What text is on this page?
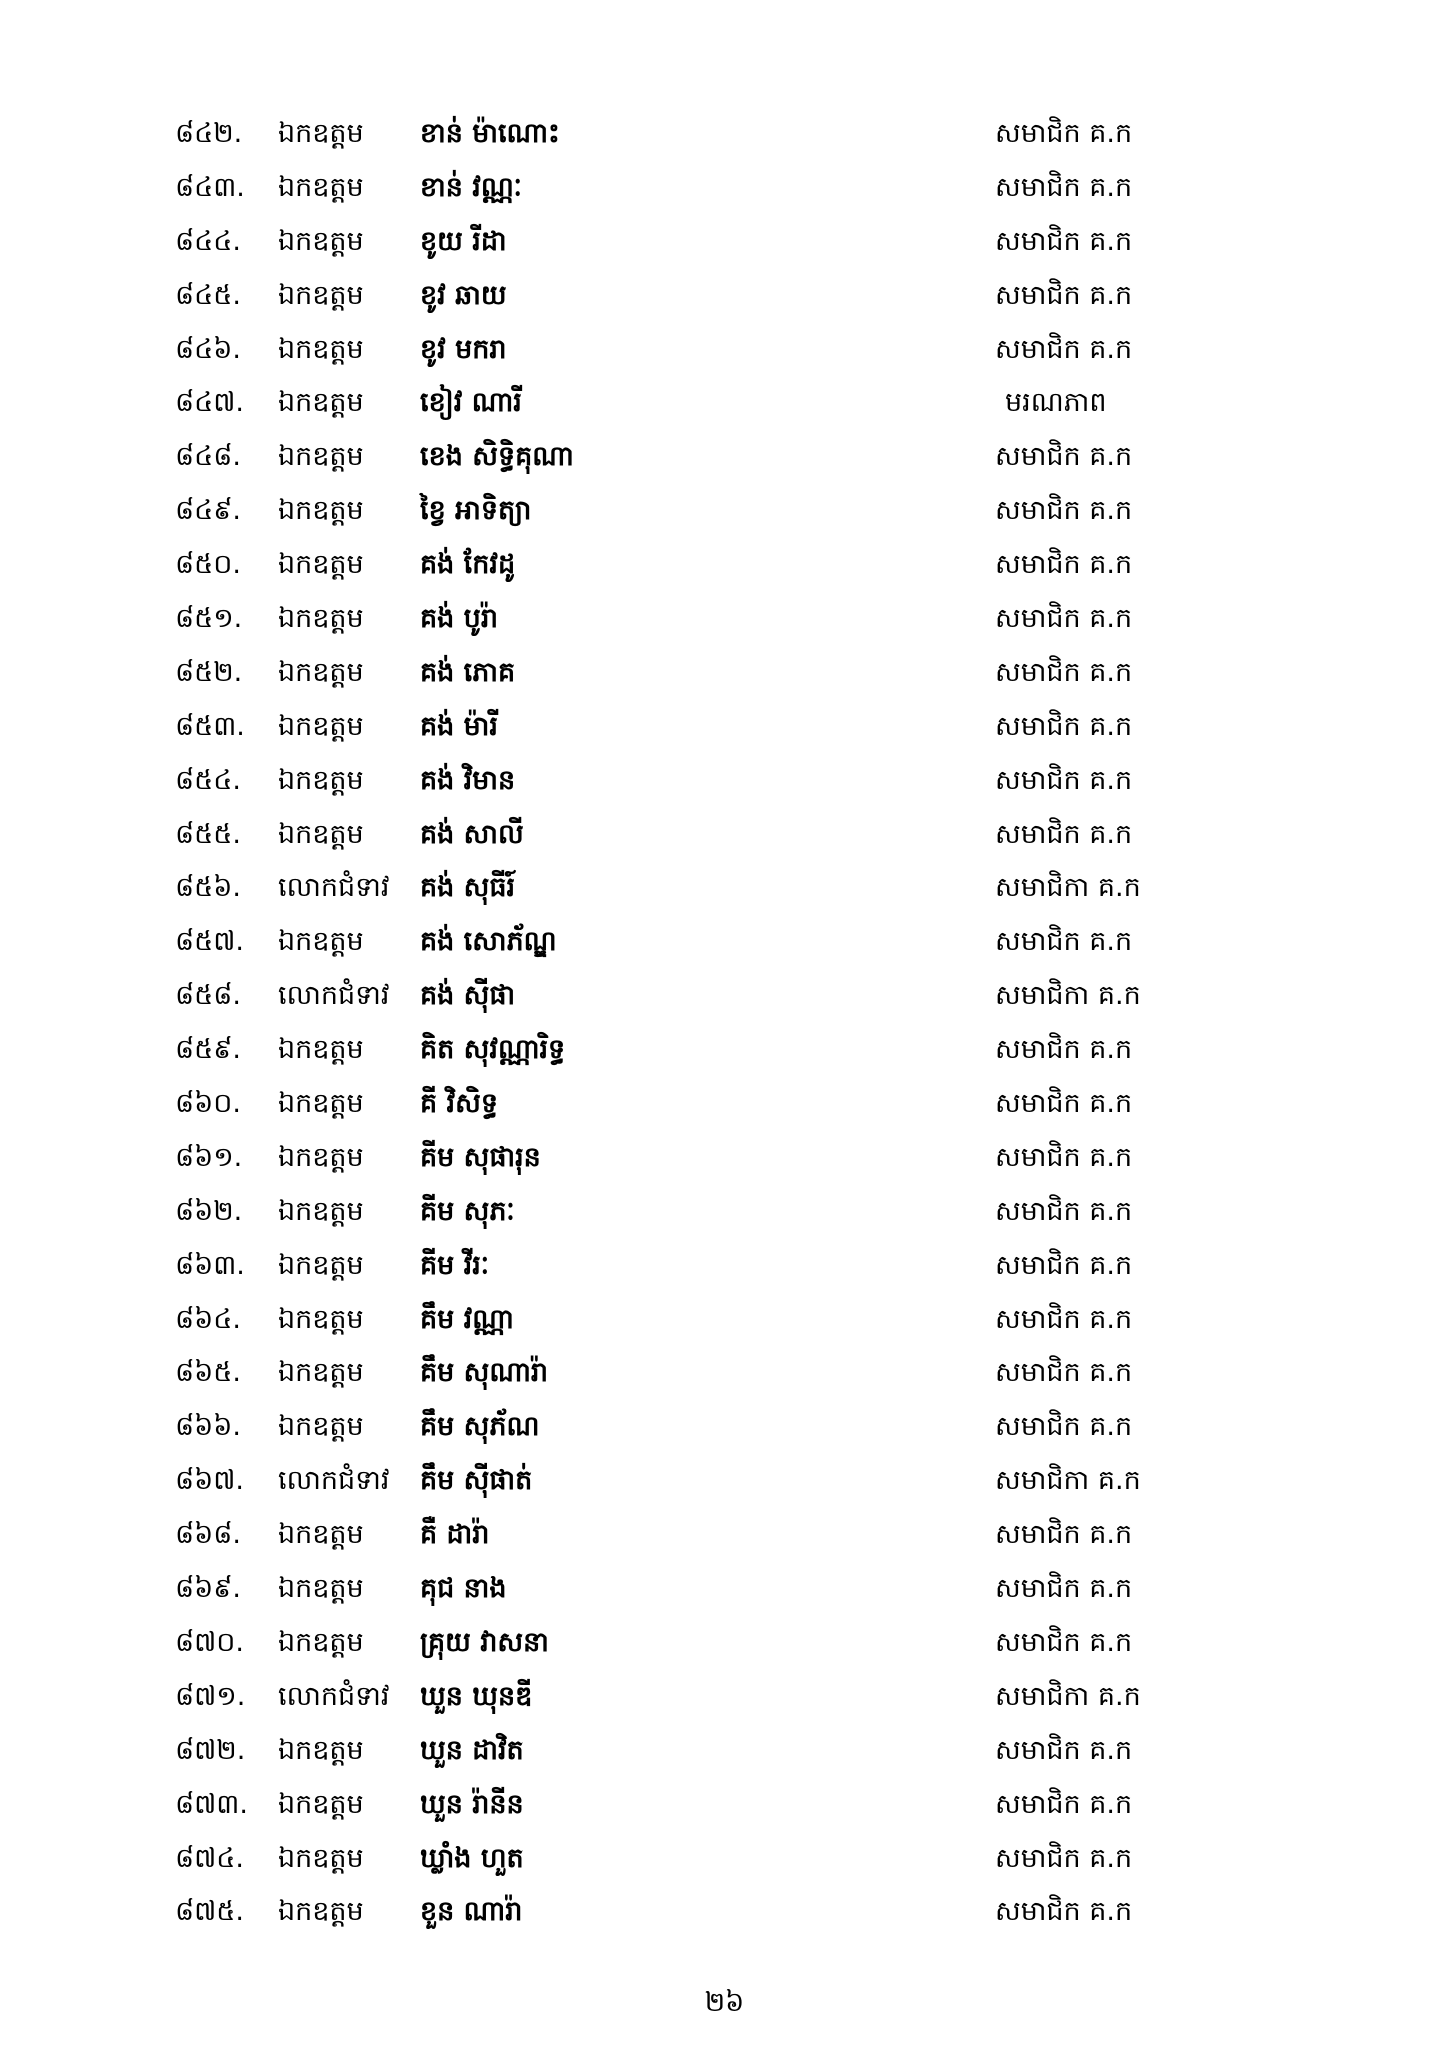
៨៤២. ឯកឧត្តម ខាន់ ម៉ាណោះ	សមាជិក គ.ក
៨៤៣. ឯកឧត្តម ខាន់ វណ្ណៈ	សមាជិក គ.ក
៨៤៤. ឯកឧត្តម ខូយ រីដា	សមាជិក គ.ក
៨៤៥. ឯកឧត្តម ខូវ ឆាយ	សមាជិក គ.ក
៨៤៦. ឯកឧត្តម ខូវ មករា	សមាជិក គ.ក
៨៤៧. ឯកឧត្តម ខៀវ ណារី	មរណភាព
៨៤៨. ឯកឧត្តម ខេង សិទ្ធិគុណា	សមាជិក គ.ក
៨៤៩. ឯកឧត្តម ខ្វៃ អាទិត្យា	សមាជិក គ.ក
៨៥០. ឯកឧត្តម គង់ កែវដូ	សមាជិក គ.ក
៨៥១. ឯកឧត្តម គង់ បូរ៉ា	សមាជិក គ.ក
៨៥២. ឯកឧត្តម គង់ ភោគ	សមាជិក គ.ក
៨៥៣. ឯកឧត្តម គង់ ម៉ារី	សមាជិក គ.ក
៨៥៤. ឯកឧត្តម គង់ វិមាន	សមាជិក គ.ក
៨៥៥. ឯកឧត្តម គង់ សាលី	សមាជិក គ.ក
៨៥៦. លោកជំទាវ គង់ សុធីរ៍	សមាជិកា គ.ក
៨៥៧. ឯកឧត្តម គង់ សោភ័ណ្ឌ	សមាជិក គ.ក
៨៥៨. លោកជំទាវ គង់ ស៊ីផា	សមាជិកា គ.ក
៨៥៩. ឯកឧត្តម គិត សុវណ្ណារិទ្ធ	សមាជិក គ.ក
៨៦០. ឯកឧត្តម គី វិសិទ្ធ	សមាជិក គ.ក
៨៦១. ឯកឧត្តម គីម សុផារុន	សមាជិក គ.ក
៨៦២. ឯកឧត្តម គីម សុភៈ	សមាជិក គ.ក
៨៦៣. ឯកឧត្តម គីម វីរៈ	សមាជិក គ.ក
៨៦៤. ឯកឧត្តម គឹម វណ្ណា	សមាជិក គ.ក
៨៦៥. ឯកឧត្តម គឹម សុណារ៉ា	សមាជិក គ.ក
៨៦៦. ឯកឧត្តម គឹម សុភ័ណ	សមាជិក គ.ក
៨៦៧. លោកជំទាវ គឹម ស៊ីផាត់	សមាជិកា គ.ក
៨៦៨. ឯកឧត្តម គឺ ដារ៉ា	សមាជិក គ.ក
៨៦៩. ឯកឧត្តម គុជ នាង	សមាជិក គ.ក
៨៧០. ឯកឧត្តម គ្រុយ វាសនា	សមាជិក គ.ក
៨៧១. លោកជំទាវ ឃួន ឃុនឌី	សមាជិកា គ.ក
៨៧២. ឯកឧត្តម ឃួន ដាវិត	សមាជិក គ.ក
៨៧៣. ឯកឧត្តម ឃួន រ៉ានីន	សមាជិក គ.ក
៨៧៤. ឯកឧត្តម ឃ្លាំង ហួត	សមាជិក គ.ក
៨៧៥. ឯកឧត្តម ខួន ណារ៉ា	សមាជិក គ.ក
២៦
